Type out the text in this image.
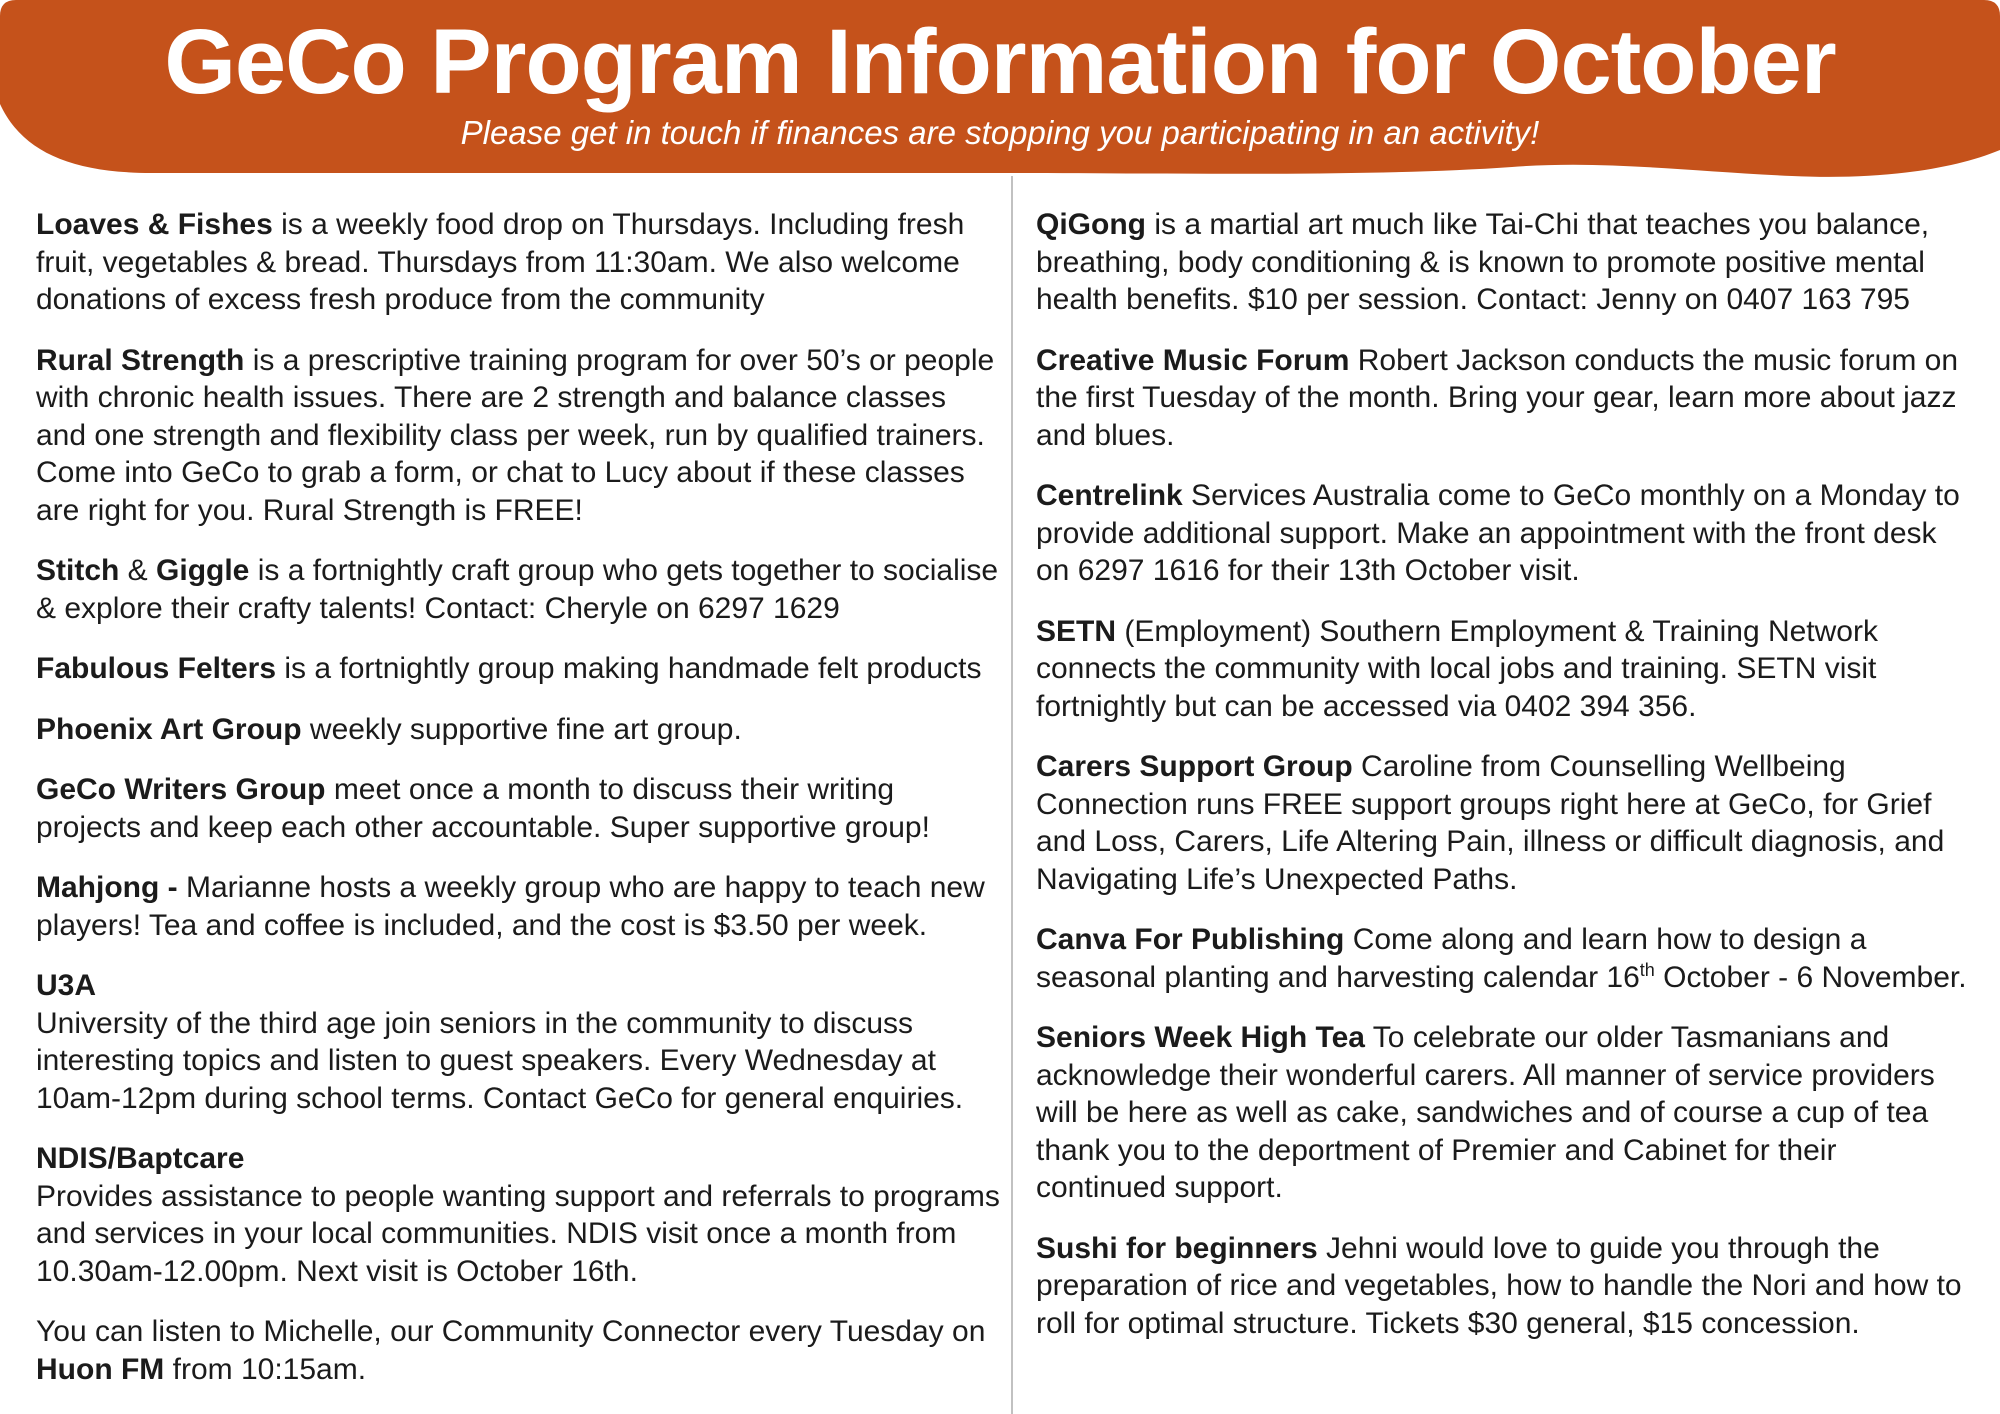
GeCo Program Information for October

Please get in touch if finances are stopping you participating in an activity!

Loaves & Fishes is a weekly food drop on Thursdays. Including fresh fruit, vegetables & bread. Thursdays from 11:30am. We also welcome donations of excess fresh produce from the community

Rural Strength is a prescriptive training program for over 50’s or people with chronic health issues. There are 2 strength and balance classes and one strength and flexibility class per week, run by qualified trainers. Come into GeCo to grab a form, or chat to Lucy about if these classes are right for you. Rural Strength is FREE!

Stitch & Giggle is a fortnightly craft group who gets together to socialise & explore their crafty talents! Contact: Cheryle on 6297 1629

Fabulous Felters is a fortnightly group making handmade felt products

Phoenix Art Group weekly supportive fine art group.

GeCo Writers Group meet once a month to discuss their writing projects and keep each other accountable. Super supportive group!

Mahjong - Marianne hosts a weekly group who are happy to teach new players! Tea and coffee is included, and the cost is $3.50 per week.

U3A
University of the third age join seniors in the community to discuss interesting topics and listen to guest speakers. Every Wednesday at 10am-12pm during school terms. Contact GeCo for general enquiries.

NDIS/Baptcare
Provides assistance to people wanting support and referrals to programs and services in your local communities. NDIS visit once a month from 10.30am-12.00pm. Next visit is October 16th.

You can listen to Michelle, our Community Connector every Tuesday on Huon FM from 10:15am.

QiGong is a martial art much like Tai-Chi that teaches you balance, breathing, body conditioning & is known to promote positive mental health benefits. $10 per session. Contact: Jenny on 0407 163 795

Creative Music Forum Robert Jackson conducts the music forum on the first Tuesday of the month. Bring your gear, learn more about jazz and blues.

Centrelink Services Australia come to GeCo monthly on a Monday to provide additional support. Make an appointment with the front desk on 6297 1616 for their 13th October visit.

SETN (Employment) Southern Employment & Training Network connects the community with local jobs and training. SETN visit fortnightly but can be accessed via 0402 394 356.

Carers Support Group Caroline from Counselling Wellbeing Connection runs FREE support groups right here at GeCo, for Grief and Loss, Carers, Life Altering Pain, illness or difficult diagnosis, and Navigating Life’s Unexpected Paths.

Canva For Publishing Come along and learn how to design a seasonal planting and harvesting calendar 16th October - 6 November.

Seniors Week High Tea To celebrate our older Tasmanians and acknowledge their wonderful carers. All manner of service providers will be here as well as cake, sandwiches and of course a cup of tea thank you to the deportment of Premier and Cabinet for their continued support.

Sushi for beginners Jehni would love to guide you through the preparation of rice and vegetables, how to handle the Nori and how to roll for optimal structure. Tickets $30 general, $15 concession.
